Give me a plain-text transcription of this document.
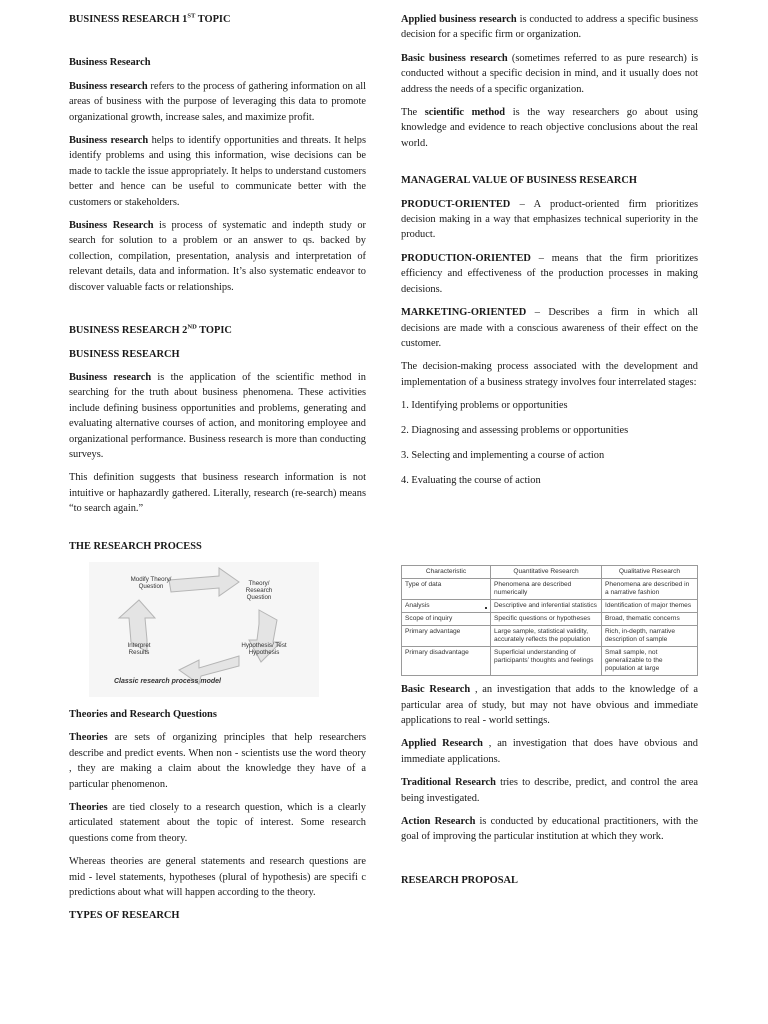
BUSINESS RESEARCH 1ST TOPIC
Business Research

Business research refers to the process of gathering information on all areas of business with the purpose of leveraging this data to promote organizational growth, increase sales, and maximize profit.

Business research helps to identify opportunities and threats. It helps identify problems and using this information, wise decisions can be made to tackle the issue appropriately. It helps to understand customers better and hence can be useful to communicate better with the customers or stakeholders.

Business Research is process of systematic and indepth study or search for solution to a problem or an answer to qs. backed by collection, compilation, presentation, analysis and interpretation of relevant details, data and information. It’s also systematic endeavor to discover valuable facts or relationships.

BUSINESS RESEARCH 2ND TOPIC
BUSINESS RESEARCH

Business research is the application of the scientific method in searching for the truth about business phenomena. These activities include defining business opportunities and problems, generating and evaluating alternative courses of action, and monitoring employee and organizational performance. Business research is more than conducting surveys.

This definition suggests that business research information is not intuitive or haphazardly gathered. Literally, research (re-search) means “to search again.”

THE RESEARCH PROCESS
Modify Theory/ Question	Theory/ Research Question
Hypothesis/ Test Hypothesis
Interpret Results
Classic research process model
Theories and Research Questions

Theories are sets of organizing principles that help researchers describe and predict events. When non - scientists use the word theory , they are making a claim about the knowledge they have of a particular phenomenon.

Theories are tied closely to a research question, which is a clearly articulated statement about the topic of interest. Some research questions come from theory.

Whereas theories are general statements and research questions are mid - level statements, hypotheses (plural of hypothesis) are specifi c predictions about what will happen according to the theory.

TYPES OF RESEARCH

Applied business research is conducted to address a specific business decision for a specific firm or organization.

Basic business research (sometimes referred to as pure research) is conducted without a specific decision in mind, and it usually does not address the needs of a specific organization.

The scientific method is the way researchers go about using knowledge and evidence to reach objective conclusions about the real world.

MANAGERAL VALUE OF BUSINESS RESEARCH

PRODUCT-ORIENTED – A product-oriented firm prioritizes decision making in a way that emphasizes technical superiority in the product.

PRODUCTION-ORIENTED – means that the firm prioritizes efficiency and effectiveness of the production processes in making decisions.

MARKETING-ORIENTED – Describes a firm in which all decisions are made with a conscious awareness of their effect on the customer.

The decision-making process associated with the development and implementation of a business strategy involves four interrelated stages:

1. Identifying problems or opportunities
2. Diagnosing and assessing problems or opportunities
3. Selecting and implementing a course of action
4. Evaluating the course of action
Characteristic	Quantitative Research	Qualitative Research
Type of data	Phenomena are described numerically	Phenomena are described in a narrative fashion
Analysis	Descriptive and inferential statistics	Identification of major themes
Scope of inquiry	Specific questions or hypotheses	Broad, thematic concerns
Primary advantage	Large sample, statistical validity, accurately reflects the population	Rich, in-depth, narrative description of sample
Primary disadvantage	Superficial understanding of participants’ thoughts and feelings	Small sample, not generalizable to the population at large

Basic Research , an investigation that adds to the knowledge of a particular area of study, but may not have obvious and immediate applications to real - world settings.

Applied Research , an investigation that does have obvious and immediate applications.

Traditional Research tries to describe, predict, and control the area being investigated.

Action Research is conducted by educational practitioners, with the goal of improving the particular institution at which they work.

RESEARCH PROPOSAL
